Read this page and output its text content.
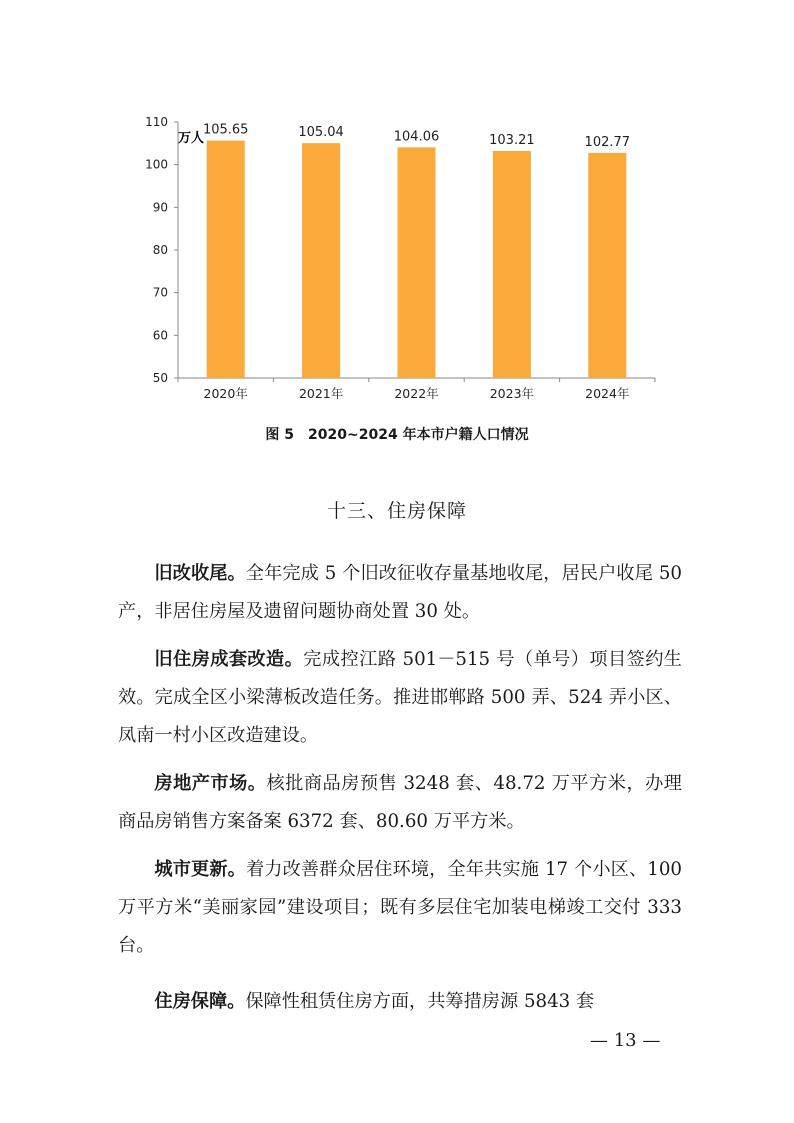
50
60
70
80
90
100
110
105.65
2020年
105.04
2021年
104.06
2022年
103.21
2023年
102.77
2024年
万人
图 5　2020~2024 年本市户籍人口情况
十三、住房保障
旧改收尾。全年完成 5 个旧改征收存量基地收尾，居民户收尾 50 产，非居住房屋及遗留问题协商处置 30 处。
旧住房成套改造。完成控江路 501－515 号（单号）项目签约生效。完成全区小梁薄板改造任务。推进邯郸路 500 弄、524 弄小区、凤南一村小区改造建设。
房地产市场。核批商品房预售 3248 套、48.72 万平方米，办理商品房销售方案备案 6372 套、80.60 万平方米。
城市更新。着力改善群众居住环境，全年共实施 17 个小区、100 万平方米“美丽家园”建设项目；既有多层住宅加装电梯竣工交付 333 台。
住房保障。保障性租赁住房方面，共筹措房源 5843 套
— 13 —
